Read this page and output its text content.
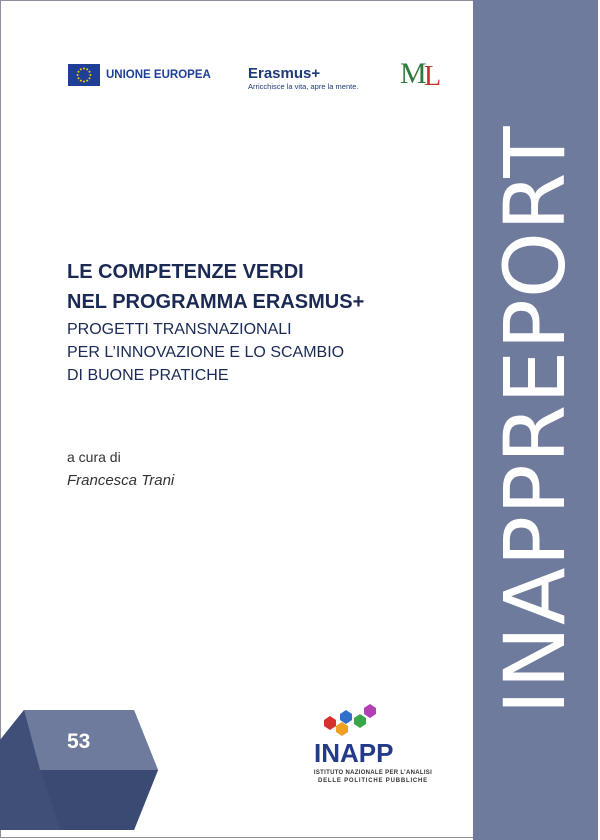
INAPPREPORT
UNIONE EUROPEA Erasmus+
Arricchisce la vita, apre la mente. M
L
LE COMPETENZE VERDI
NEL PROGRAMMA ERASMUS+
PROGETTI TRANSNAZIONALI
PER L’INNOVAZIONE E LO SCAMBIO
DI BUONE PRATICHE
a cura di
Francesca Trani
53	INAPP
ISTITUTO NAZIONALE PER L’ANALISI
DELLE POLITICHE PUBBLICHE
